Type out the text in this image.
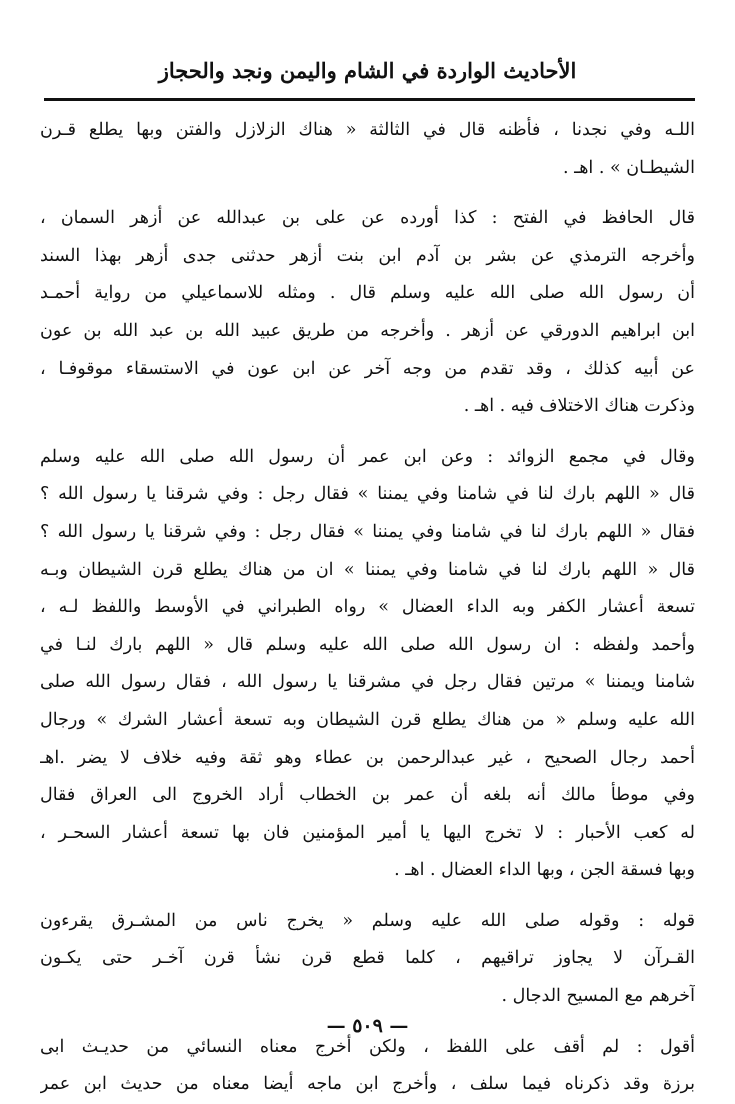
الأحاديث الواردة في الشام واليمن ونجد والحجاز
اللـه وفي نجدنا ، فأظنه قال في الثالثة « هناك الزلازل والفتن وبها يطلع قـرن
الشيطـان » . اهـ .
قال الحافظ في الفتح : كذا أورده عن على بن عبدالله عن أزهر السمان ،
وأخرجه الترمذي عن بشر بن آدم ابن بنت أزهر حدثنى جدى أزهر بهذا السند
أن رسول الله صلى الله عليه وسلم قال . ومثله للاسماعيلي من رواية أحمـد
ابن ابراهيم الدورقي عن أزهر . وأخرجه من طريق عبيد الله بن عبد الله بن عون
عن أبيه كذلك ، وقد تقدم من وجه آخر عن ابن عون في الاستسقاء موقوفـا ،
وذكرت هناك الاختلاف فيه . اهـ .
وقال في مجمع الزوائد : وعن ابن عمر أن رسول الله صلى الله عليه وسلم
قال « اللهم بارك لنا في شامنا وفي يمننا » فقال رجل : وفي شرقنا يا رسول الله ؟
فقال « اللهم بارك لنا في شامنا وفي يمننا » فقال رجل : وفي شرقنا يا رسول الله ؟
قال « اللهم بارك لنا في شامنا وفي يمننا » ان من هناك يطلع قرن الشيطان وبـه
تسعة أعشار الكفر وبه الداء العضال » رواه الطبراني في الأوسط واللفظ لـه ،
وأحمد ولفظه : ان رسول الله صلى الله عليه وسلم قال « اللهم بارك لنـا في
شامنا ويمننا » مرتين فقال رجل في مشرقنا يا رسول الله ، فقال رسول الله صلى
الله عليه وسلم « من هناك يطلع قرن الشيطان وبه تسعة أعشار الشرك » ورجال
أحمد رجال الصحيح ، غير عبدالرحمن بن عطاء وهو ثقة وفيه خلاف لا يضر .اهـ
وفي موطأ مالك أنه بلغه أن عمر بن الخطاب أراد الخروج الى العراق فقال
له كعب الأحبار : لا تخرج اليها يا أمير المؤمنين فان بها تسعة أعشار السحـر ،
وبها فسقة الجن ، وبها الداء العضال . اهـ .
قوله : وقوله صلى الله عليه وسلم « يخرج ناس من المشـرق يقرءون
القـرآن لا يجاوز تراقيهم ، كلما قطع قرن نشأ قرن آخـر حتى يكـون
آخرهم مع المسيح الدجال .
أقول : لم أقف على اللفظ ، ولكن أخرج معناه النسائي من حديـث ابى
برزة وقد ذكرناه فيما سلف ، وأخرج ابن ماجه أيضا معناه من حديث ابن عمر
— ٥٠٩ —
